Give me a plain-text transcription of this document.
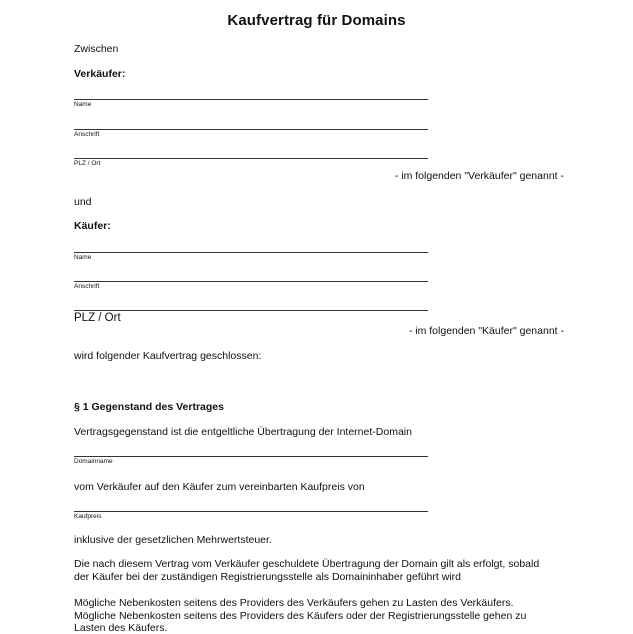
Kaufvertrag für Domains
Zwischen
Verkäufer:
Name
Anschrift
PLZ / Ort
- im folgenden "Verkäufer" genannt -
und
Käufer:
Name
Anschrift
PLZ / Ort
- im folgenden "Käufer" genannt -
wird folgender Kaufvertrag geschlossen:
§ 1 Gegenstand des Vertrages
Vertragsgegenstand ist die entgeltliche Übertragung der Internet-Domain
Domainname
vom Verkäufer auf den Käufer zum vereinbarten Kaufpreis von
Kaufpreis
inklusive der gesetzlichen Mehrwertsteuer.
Die nach diesem Vertrag vom Verkäufer geschuldete Übertragung der Domain gilt als erfolgt, sobald
der Käufer bei der zuständigen Registrierungsstelle als Domaininhaber geführt wird
Mögliche Nebenkosten seitens des Providers des Verkäufers gehen zu Lasten des Verkäufers.
Mögliche Nebenkosten seitens des Providers des Käufers oder der Registrierungsstelle gehen zu
Lasten des Käufers.
